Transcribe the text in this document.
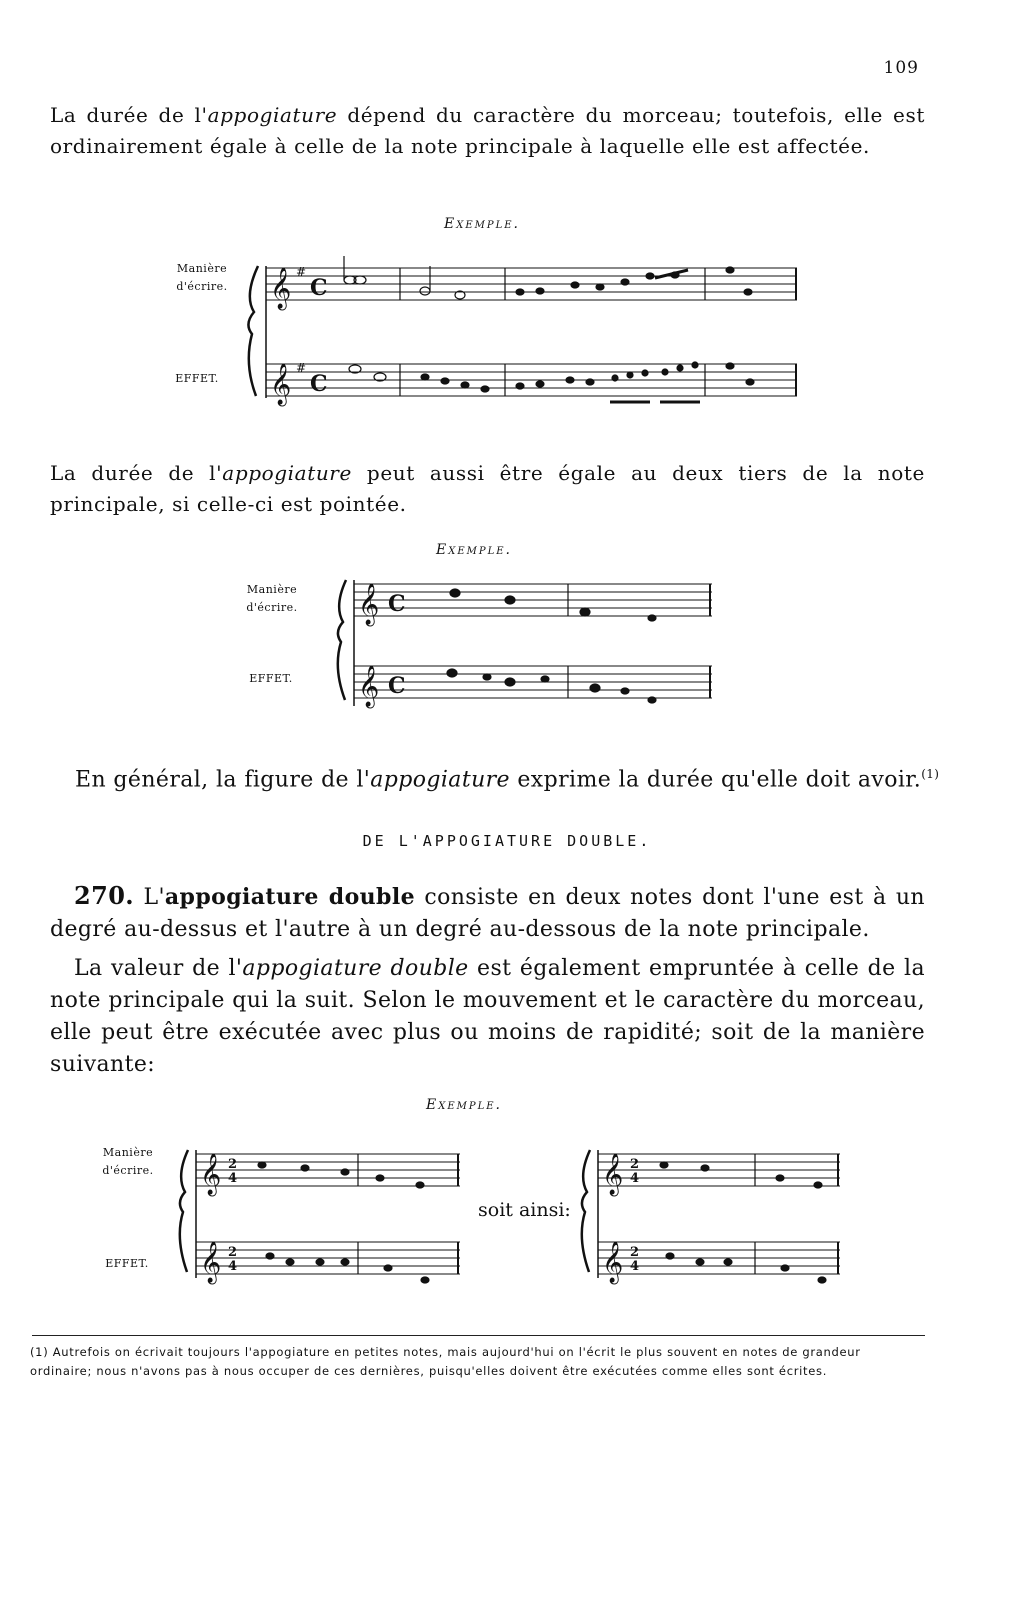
109

La durée de l'appogiature dépend du caractère du morceau; toutefois, elle est ordinairement égale à celle de la note principale à laquelle elle est affectée.

Exemple.
Manière
d'écrire.
EFFET.

La durée de l'appogiature peut aussi être égale au deux tiers de la note principale, si celle-ci est pointée.

Exemple.
Manière
d'écrire.
EFFET.

En général, la figure de l'appogiature exprime la durée qu'elle doit avoir.$^{(1)}$

DE L'APPOGIATURE DOUBLE.

270. L'appogiature double consiste en deux notes dont l'une est à un degré au-dessus et l'autre à un degré au-dessous de la note principale.

La valeur de l'appogiature double est également empruntée à celle de la note principale qui la suit. Selon le mouvement et le caractère du morceau, elle peut être exécutée avec plus ou moins de rapidité; soit de la manière suivante:

Exemple.
Manière
d'écrire.
EFFET.
soit ainsi:

(1) Autrefois on écrivait toujours l'appogiature en petites notes, mais aujourd'hui on l'écrit le plus souvent en notes de grandeur ordinaire; nous n'avons pas à nous occuper de ces dernières, puisqu'elles doivent être exécutées comme elles sont écrites.

𝄞
𝄞
#
#
C
C
𝄞
𝄞
C
C
𝄞
𝄞
2
4
2
4
𝄞
𝄞
2
4
2
4
